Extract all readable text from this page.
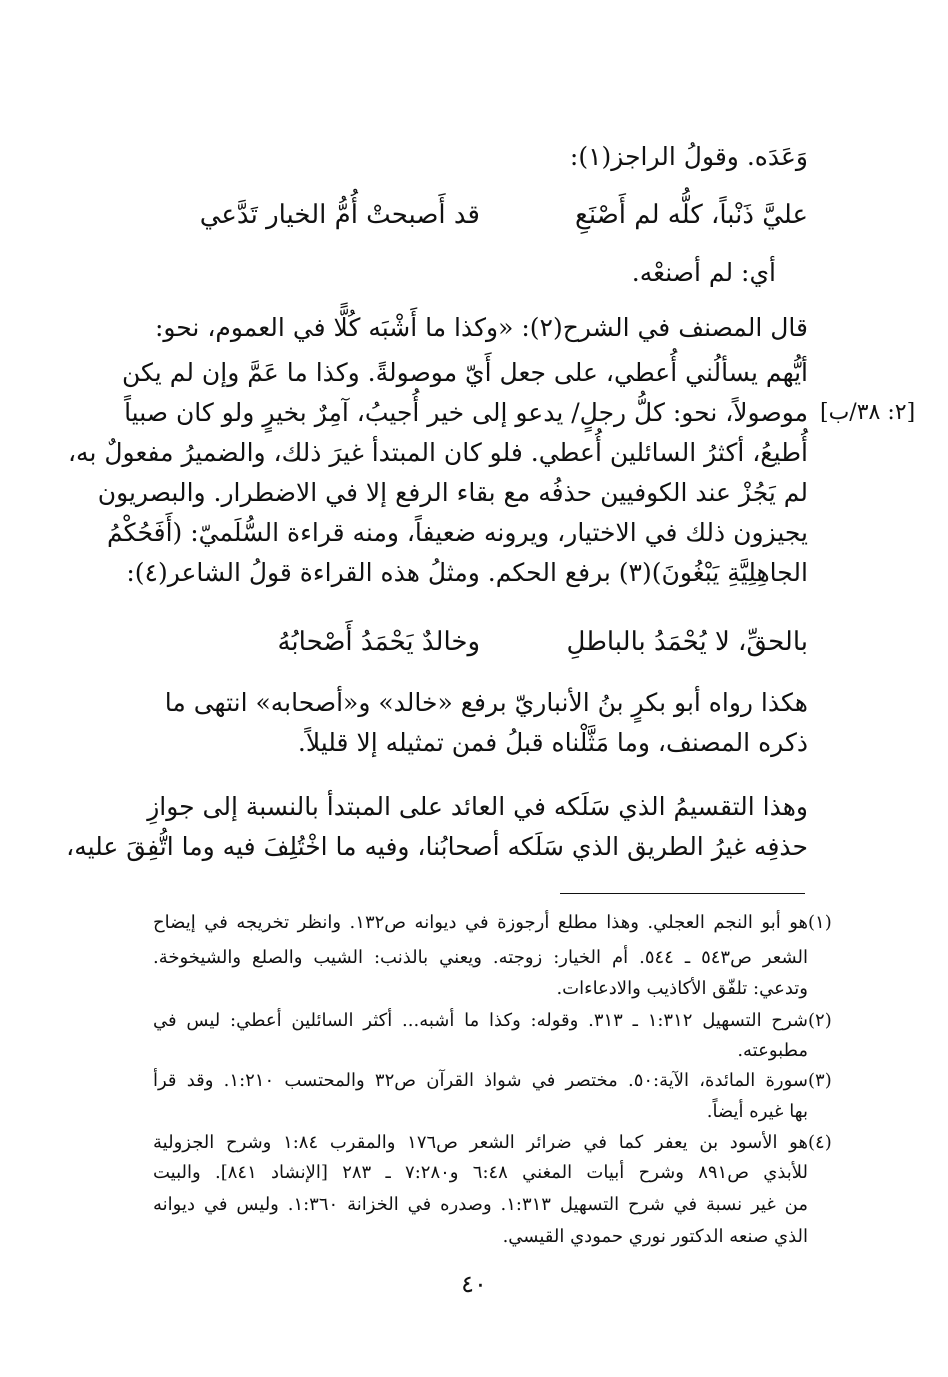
وَعَدَه. وقولُ الراجز(١):
قد أَصبحتْ أُمُّ الخيار تَدَّعي	عليَّ ذَنْباً، كلُّه لم أَصْنَعِ
أي: لم أصنعْه.
قال المصنف في الشرح(٢): «وكذا ما أَشْبَه كُلًّا في العموم، نحو:
أيُّهم يسألُني أُعطي، على جعل أَيّ موصولةً. وكذا ما عَمَّ وإن لم يكن
موصولاً، نحو: كلُّ رجلٍ/ يدعو إلى خير أُجيبُ، آمِرٌ بخيرٍ ولو كان صبياً
أُطيعُ، أكثرُ السائلين أُعطي. فلو كان المبتدأ غيرَ ذلك، والضميرُ مفعولٌ به،
لم يَجُزْ عند الكوفيين حذفُه مع بقاء الرفع إلا في الاضطرار. والبصريون
يجيزون ذلك في الاختيار، ويرونه ضعيفاً، ومنه قراءة السُّلَميّ: (أَفَحُكْمُ
الجاهِلِيَّةِ يَبْغُونَ)(٣) برفع الحكم. ومثلُ هذه القراءة قولُ الشاعر(٤):
[٢: ٣٨/ب]
وخالدٌ يَحْمَدُ أَصْحابُهُ	بالحقِّ، لا يُحْمَدُ بالباطلِ
هكذا رواه أبو بكرٍ بنُ الأنباريّ برفع «خالد» و«أصحابه» انتهى ما
ذكره المصنف، وما مَثَّلْناه قبلُ فمن تمثيله إلا قليلاً.
وهذا التقسيمُ الذي سَلَكه في العائد على المبتدأ بالنسبة إلى جوازِ
حذفِه غيرُ الطريق الذي سَلَكه أصحابُنا، وفيه ما اخْتُلِفَ فيه وما اتُّفِقَ عليه،
(١)
هو أبو النجم العجلي. وهذا مطلع أرجوزة في ديوانه ص١٣٢. وانظر تخريجه في إيضاح
الشعر ص٥٤٣ ـ ٥٤٤. أم الخيار: زوجته. ويعني بالذنب: الشيب والصلع والشيخوخة.
وتدعي: تلفّق الأكاذيب والادعاءات.
(٢)
شرح التسهيل ١:٣١٢ ـ ٣١٣. وقوله: وكذا ما أشبه... أكثر السائلين أعطي: ليس في
مطبوعته.
(٣)
سورة المائدة، الآية:٥٠. مختصر في شواذ القرآن ص٣٢ والمحتسب ١:٢١٠. وقد قرأ
بها غيره أيضاً.
(٤)
هو الأسود بن يعفر كما في ضرائر الشعر ص١٧٦ والمقرب ١:٨٤ وشرح الجزولية
للأبذي ص٨٩١ وشرح أبيات المغني ٦:٤٨ و٧:٢٨٠ ـ ٢٨٣ [الإنشاد ٨٤١]. والبيت
من غير نسبة في شرح التسهيل ١:٣١٣. وصدره في الخزانة ١:٣٦٠. وليس في ديوانه
الذي صنعه الدكتور نوري حمودي القيسي.
٤٠
